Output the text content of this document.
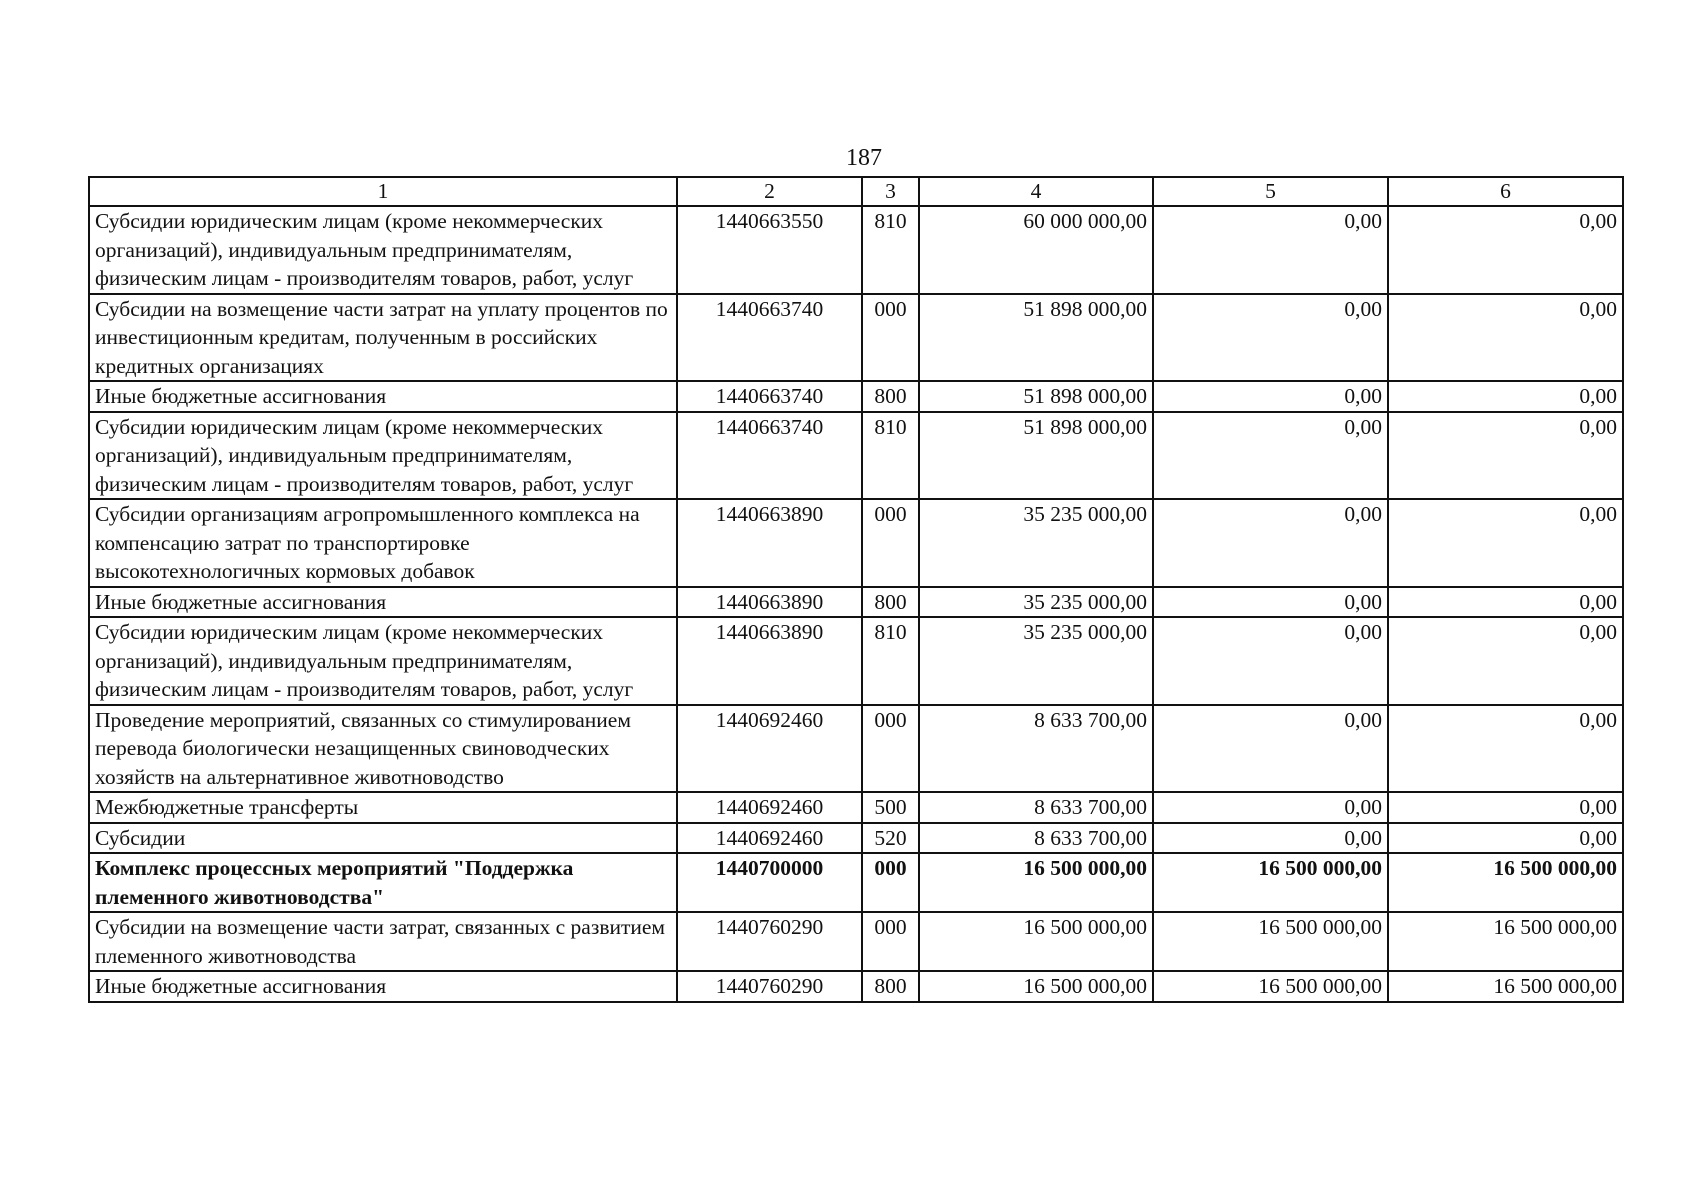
187
1	2	3	4	5	6
Субсидии юридическим лицам (кроме некоммерческих организаций), индивидуальным предпринимателям, физическим лицам - производителям товаров, работ, услуг	1440663550	810	60 000 000,00	0,00	0,00
Субсидии на возмещение части затрат на уплату процентов по инвестиционным кредитам, полученным в российских кредитных организациях	1440663740	000	51 898 000,00	0,00	0,00
Иные бюджетные ассигнования	1440663740	800	51 898 000,00	0,00	0,00
Субсидии юридическим лицам (кроме некоммерческих организаций), индивидуальным предпринимателям, физическим лицам - производителям товаров, работ, услуг	1440663740	810	51 898 000,00	0,00	0,00
Субсидии организациям агропромышленного комплекса на компенсацию затрат по транспортировке высокотехнологичных кормовых добавок	1440663890	000	35 235 000,00	0,00	0,00
Иные бюджетные ассигнования	1440663890	800	35 235 000,00	0,00	0,00
Субсидии юридическим лицам (кроме некоммерческих организаций), индивидуальным предпринимателям, физическим лицам - производителям товаров, работ, услуг	1440663890	810	35 235 000,00	0,00	0,00
Проведение мероприятий, связанных со стимулированием перевода биологически незащищенных свиноводческих хозяйств на альтернативное животноводство	1440692460	000	8 633 700,00	0,00	0,00
Межбюджетные трансферты	1440692460	500	8 633 700,00	0,00	0,00
Субсидии	1440692460	520	8 633 700,00	0,00	0,00
Комплекс процессных мероприятий "Поддержка племенного животноводства"	1440700000	000	16 500 000,00	16 500 000,00	16 500 000,00
Субсидии на возмещение части затрат, связанных с развитием племенного животноводства	1440760290	000	16 500 000,00	16 500 000,00	16 500 000,00
Иные бюджетные ассигнования	1440760290	800	16 500 000,00	16 500 000,00	16 500 000,00
